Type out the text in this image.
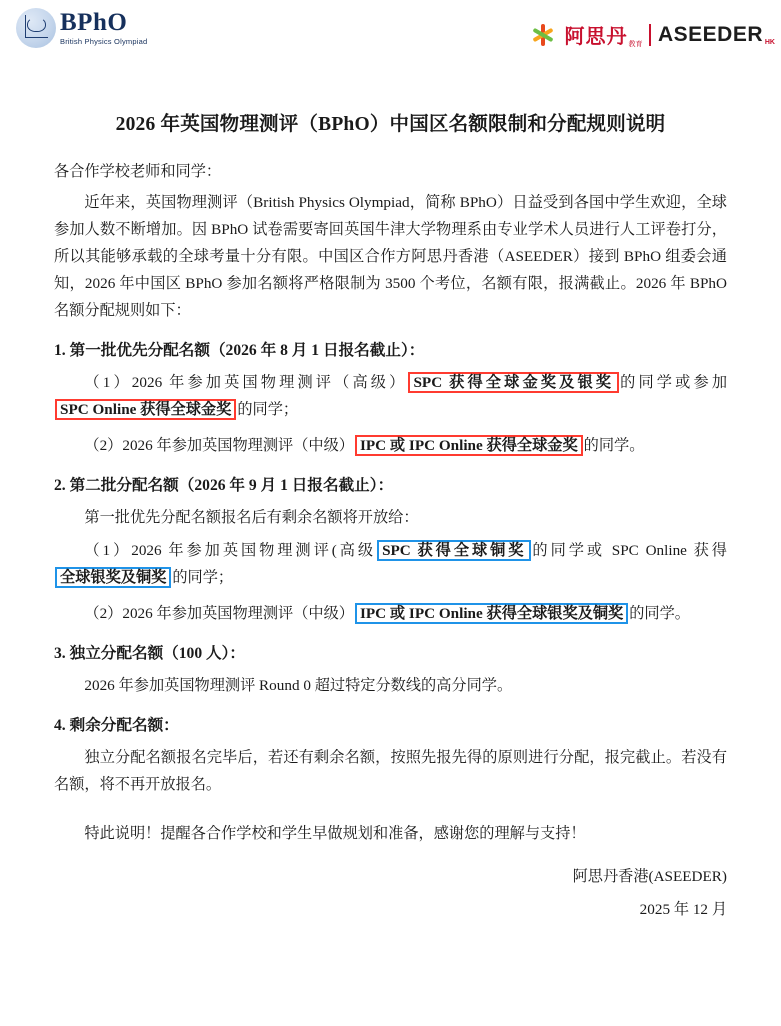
BPhO
British Physics Olympiad	阿思丹教育 ASEEDER HK
2026 年英国物理测评（BPhO）中国区名额限制和分配规则说明

各合作学校老师和同学：

近年来，英国物理测评（British Physics Olympiad，简称 BPhO）日益受到各国中学生欢迎，全球参加人数不断增加。因 BPhO 试卷需要寄回英国牛津大学物理系由专业学术人员进行人工评卷打分，所以其能够承载的全球考量十分有限。中国区合作方阿思丹香港（ASEEDER）接到 BPhO 组委会通知，2026 年中国区 BPhO 参加名额将严格限制为 3500 个考位，名额有限，报满截止。2026 年 BPhO 名额分配规则如下：

1. 第一批优先分配名额（2026 年 8 月 1 日报名截止）：

（1）2026 年参加英国物理测评（高级） SPC 获得全球金奖及银奖 的同学或参加SPC Online 获得全球金奖 的同学；

（2）2026 年参加英国物理测评（中级） IPC 或 IPC Online 获得全球金奖 的同学。

2. 第二批分配名额（2026 年 9 月 1 日报名截止）：

第一批优先分配名额报名后有剩余名额将开放给：

（1）2026 年参加英国物理测评(高级 SPC 获得全球铜奖 的同学或 SPC Online 获得全球银奖及铜奖 的同学；

（2）2026 年参加英国物理测评（中级） IPC 或 IPC Online 获得全球银奖及铜奖 的同学。

3. 独立分配名额（100 人）：

2026 年参加英国物理测评 Round 0 超过特定分数线的高分同学。

4. 剩余分配名额：

独立分配名额报名完毕后，若还有剩余名额，按照先报先得的原则进行分配，报完截止。若没有名额，将不再开放报名。

特此说明！提醒各合作学校和学生早做规划和准备，感谢您的理解与支持！

阿思丹香港(ASEEDER)

2025 年 12 月
